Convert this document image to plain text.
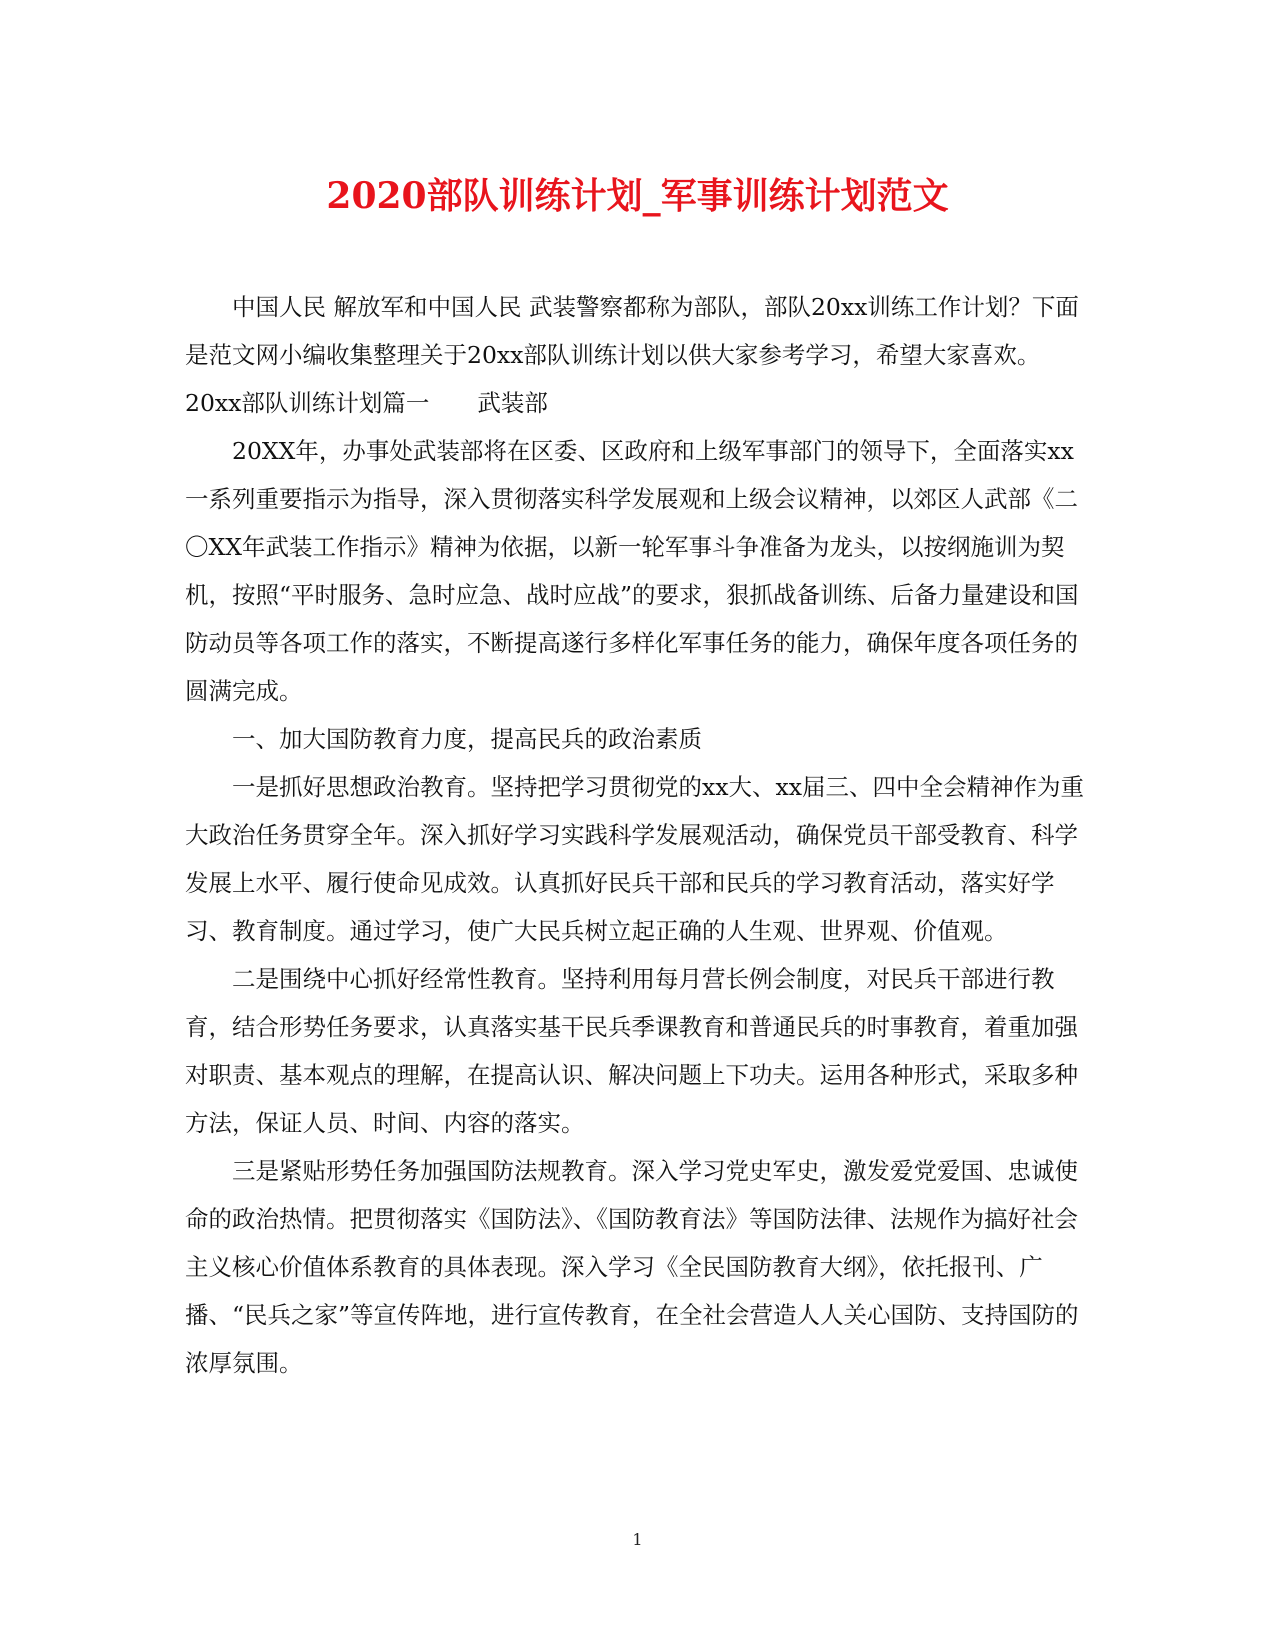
2020部队训练计划_军事训练计划范文

中国人民 解放军和中国人民 武装警察都称为部队，部队20xx训练工作计划？下面是范文网小编收集整理关于20xx部队训练计划以供大家参考学习，希望大家喜欢。

20xx部队训练计划篇一 武装部

20XX年，办事处武装部将在区委、区政府和上级军事部门的领导下，全面落实xx一系列重要指示为指导，深入贯彻落实科学发展观和上级会议精神，以郊区人武部《二〇XX年武装工作指示》精神为依据，以新一轮军事斗争准备为龙头，以按纲施训为契机，按照“平时服务、急时应急、战时应战”的要求，狠抓战备训练、后备力量建设和国防动员等各项工作的落实，不断提高遂行多样化军事任务的能力，确保年度各项任务的圆满完成。

一、加大国防教育力度，提高民兵的政治素质

一是抓好思想政治教育。坚持把学习贯彻党的xx大、xx届三、四中全会精神作为重大政治任务贯穿全年。深入抓好学习实践科学发展观活动，确保党员干部受教育、科学发展上水平、履行使命见成效。认真抓好民兵干部和民兵的学习教育活动，落实好学习、教育制度。通过学习，使广大民兵树立起正确的人生观、世界观、价值观。

二是围绕中心抓好经常性教育。坚持利用每月营长例会制度，对民兵干部进行教育，结合形势任务要求，认真落实基干民兵季课教育和普通民兵的时事教育，着重加强对职责、基本观点的理解，在提高认识、解决问题上下功夫。运用各种形式，采取多种方法，保证人员、时间、内容的落实。

三是紧贴形势任务加强国防法规教育。深入学习党史军史，激发爱党爱国、忠诚使命的政治热情。把贯彻落实《国防法》、《国防教育法》等国防法律、法规作为搞好社会主义核心价值体系教育的具体表现。深入学习《全民国防教育大纲》，依托报刊、广播、“民兵之家”等宣传阵地，进行宣传教育，在全社会营造人人关心国防、支持国防的浓厚氛围。

1
